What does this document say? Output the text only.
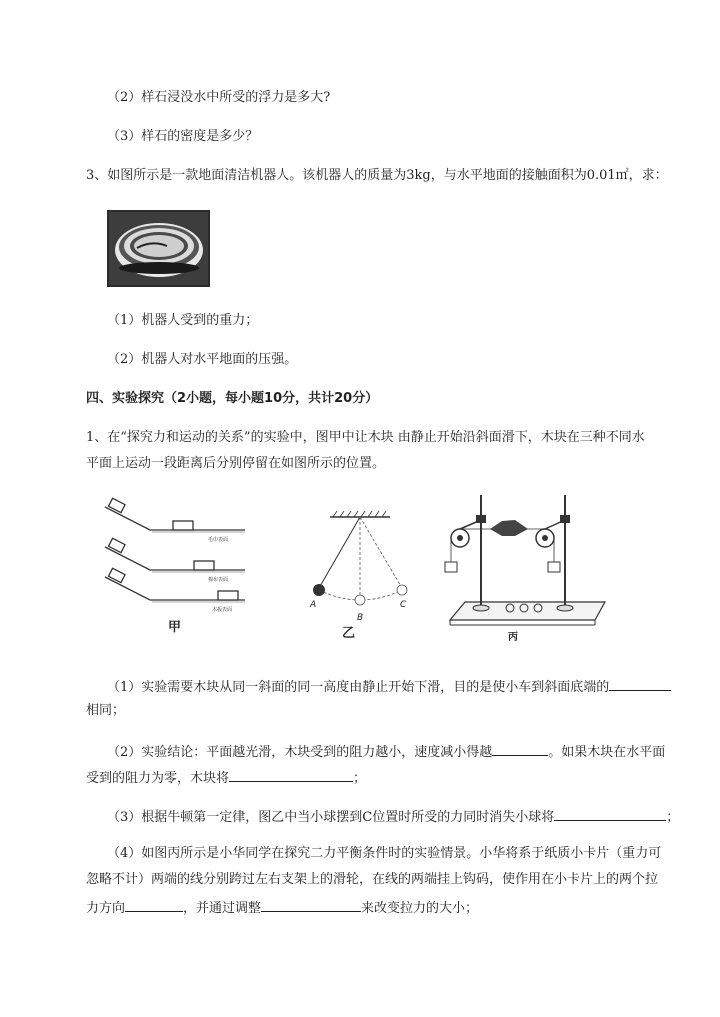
（2）样石浸没水中所受的浮力是多大?
（3）样石的密度是多少？
3、如图所示是一款地面清洁机器人。该机器人的质量为3kg，与水平地面的接触面积为0.01㎡，求：
（1）机器人受到的重力；
（2）机器人对水平地面的压强。
四、实验探究（2小题，每小题10分，共计20分）
1、在“探究力和运动的关系”的实验中，图甲中让木块 由静止开始沿斜面滑下，木块在三种不同水
平面上运动一段距离后分别停留在如图所示的位置。
毛巾表面
棉布表面
木板表面
甲
A
B
C
乙	丙
（1）实验需要木块从同一斜面的同一高度由静止开始下滑，目的是使小车到斜面底端的
相同；
（2）实验结论：平面越光滑，木块受到的阻力越小，速度减小得越	。如果木块在水平面
受到的阻力为零，木块将	；
（3）根据牛顿第一定律，图乙中当小球摆到C位置时所受的力同时消失小球将	；
（4）如图丙所示是小华同学在探究二力平衡条件时的实验情景。小华将系于纸质小卡片（重力可
忽略不计）两端的线分别跨过左右支架上的滑轮，在线的两端挂上钩码，使作用在小卡片上的两个拉
力方向	，并通过调整	来改变拉力的大小；
